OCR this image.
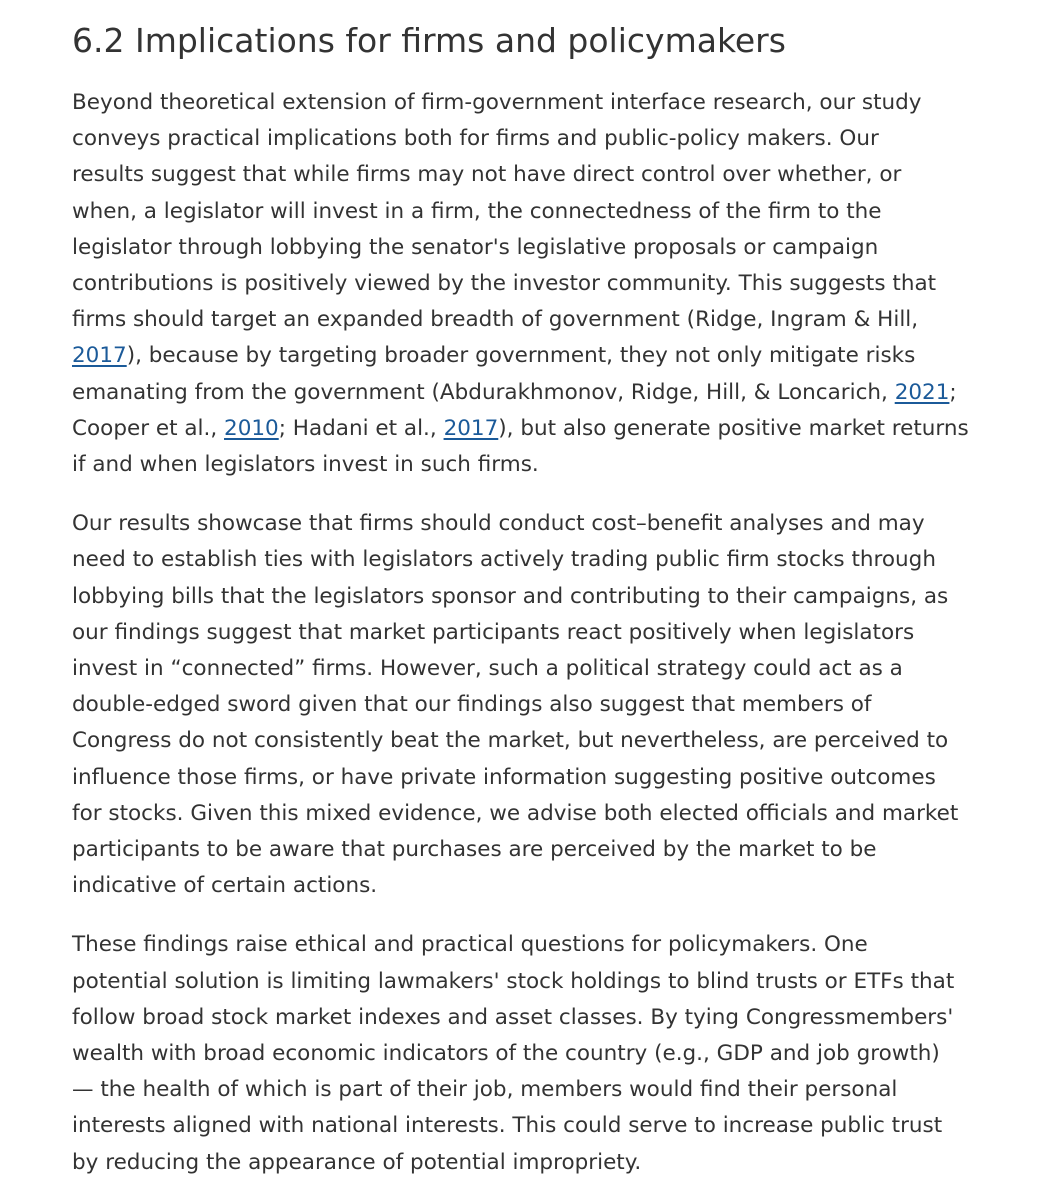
6.2 Implications for firms and policymakers

Beyond theoretical extension of firm-government interface research, our study
conveys practical implications both for firms and public-policy makers. Our
results suggest that while firms may not have direct control over whether, or
when, a legislator will invest in a firm, the connectedness of the firm to the
legislator through lobbying the senator's legislative proposals or campaign
contributions is positively viewed by the investor community. This suggests that
firms should target an expanded breadth of government (Ridge, Ingram & Hill,
2017), because by targeting broader government, they not only mitigate risks
emanating from the government (Abdurakhmonov, Ridge, Hill, & Loncarich, 2021;
Cooper et al., 2010; Hadani et al., 2017), but also generate positive market returns
if and when legislators invest in such firms.

Our results showcase that firms should conduct cost–benefit analyses and may
need to establish ties with legislators actively trading public firm stocks through
lobbying bills that the legislators sponsor and contributing to their campaigns, as
our findings suggest that market participants react positively when legislators
invest in “connected” firms. However, such a political strategy could act as a
double-edged sword given that our findings also suggest that members of
Congress do not consistently beat the market, but nevertheless, are perceived to
influence those firms, or have private information suggesting positive outcomes
for stocks. Given this mixed evidence, we advise both elected officials and market
participants to be aware that purchases are perceived by the market to be
indicative of certain actions.

These findings raise ethical and practical questions for policymakers. One
potential solution is limiting lawmakers' stock holdings to blind trusts or ETFs that
follow broad stock market indexes and asset classes. By tying Congressmembers'
wealth with broad economic indicators of the country (e.g., GDP and job growth)
— the health of which is part of their job, members would find their personal
interests aligned with national interests. This could serve to increase public trust
by reducing the appearance of potential impropriety.
